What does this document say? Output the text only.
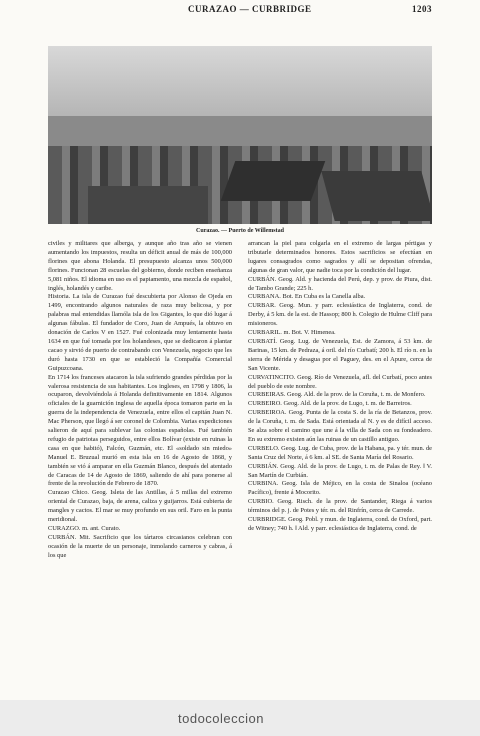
CURAZAO — CURBRIDGE	1203
Curazao. — Puerto de Willemstad

civiles y militares que alberga, y aunque año tras año se vienen aumentando los impuestos, resulta un déficit anual de más de 100,000 florines que abona Holanda. El presupuesto alcanza unos 500,000 florines. Funcionan 28 escuelas del gobierno, donde reciben enseñanza 5,081 niños. El idioma en uso es el papiamento, una mezcla de español, inglés, holandés y caribe.

Historia. La isla de Curazao fué descubierta por Alonso de Ojeda en 1499, encontrando algunos naturales de raza muy belicosa, y por palabras mal entendidas llamóla isla de los Gigantes, lo que dió lugar á algunas fábulas. El fundador de Coro, Juan de Ampués, la obtuvo en donación de Carlos V en 1527. Fué colonizada muy lentamente hasta 1634 en que fué tomada por los holandeses, que se dedicaron á plantar cacao y sirvió de puerto de contrabando con Venezuela, negocio que les duró hasta 1730 en que se estableció la Compañía Comercial Guipuzcoana.

En 1714 los franceses atacaron la isla sufriendo grandes pérdidas por la valerosa resistencia de sus habitantes. Los ingleses, en 1798 y 1806, la ocuparon, devolviéndola á Holanda definitivamente en 1814. Algunos oficiales de la guarnición inglesa de aquella época tomaron parte en la guerra de la independencia de Venezuela, entre ellos el capitán Juan N. Mac Pherson, que llegó á ser coronel de Colombia. Varias expediciones salieron de aquí para sublevar las colonias españolas. Fué también refugio de patriotas perseguidos, entre ellos Bolívar (existe en ruinas la casa en que habitó), Falcón, Guzmán, etc. El «soldado sin miedo» Manuel E. Bruzual murió en esta isla en 16 de Agosto de 1868, y también se vió á amparar en ella Guzmán Blanco, después del atentado de Caracas de 14 de Agosto de 1869, saliendo de ahí para ponerse al frente de la revolución de Febrero de 1870.

Curazao Chico. Geog. Isleta de las Antillas, á 5 millas del extremo oriental de Curazao, baja, de arena, caliza y guijarros. Está cubierta de mangles y cactos. El mar se muy profundo en sus oril. Faro en la punta meridional.

CURAZGO. m. ant. Curato.

CURBÁN. Mit. Sacrificio que los tártaros circasianos celebran con ocasión de la muerte de un personaje, inmolando carneros y cabras, á los que

arrancan la piel para colgarla en el extremo de largas pértigas y tributarle determinados honores. Estos sacrificios se efectúan en lugares consagrados como sagrados y allí se depositan ofrendas, algunas de gran valor, que nadie toca por la condición del lugar.

CURBÁN. Geog. Ald. y hacienda del Perú, dep. y prov. de Piura, dist. de Tambo Grande; 225 h.

CURBANA. Bot. En Cuba es la Canella alba.

CURBAR. Geog. Mun. y parr. eclesiástica de Inglaterra, cond. de Derby, á 5 km. de la est. de Hassop; 800 h. Colegio de Hulme Cliff para misioneros.

CURBARIL. m. Bot. V. Himenea.

CURBATÍ. Geog. Lug. de Venezuela, Est. de Zamora, á 53 km. de Barinas, 15 km. de Pedraza, á oril. del río Curbatí; 200 h. El río n. en la sierra de Mérida y desagua por el Paguey, des. en el Apure, cerca de San Vicente.

CURVATINCITO. Geog. Río de Venezuela, afl. del Curbatí, poco antes del pueblo de este nombre.

CURBEIRAS. Geog. Ald. de la prov. de la Coruña, t. m. de Monfero.

CURBEIRO. Geog. Ald. de la prov. de Lugo, t. m. de Barreiros.

CURBEIROA. Geog. Punta de la costa S. de la ría de Betanzos, prov. de la Coruña, t. m. de Sada. Está orientada al N. y es de difícil acceso. Se alza sobre el camino que une á la villa de Sada con su fondeadero. En su extremo existen aún las ruinas de un castillo antiguo.

CURBELO. Geog. Lug. de Cuba, prov. de la Habana, pa. y tér. mun. de Santa Cruz del Norte, á 6 km. al SE. de Santa María del Rosario.

CURBIÁN. Geog. Ald. de la prov. de Lugo, t. m. de Palas de Rey. ‖ V. San Martín de Curbián.

CURBINA. Geog. Isla de Méjico, en la costa de Sinaloa (océano Pacífico), frente á Mocorito.

CURBIO. Geog. Risch. de la prov. de Santander, Riega á varios términos del p. j. de Potes y tér. m. del Rinfrín, cerca de Carrede.

CURBRIDGE. Geog. Pobl. y mun. de Inglaterra, cond. de Oxford, part. de Witney; 740 h. ‖ Ald. y parr. eclesiástica de Inglaterra, cond. de

todocoleccion
